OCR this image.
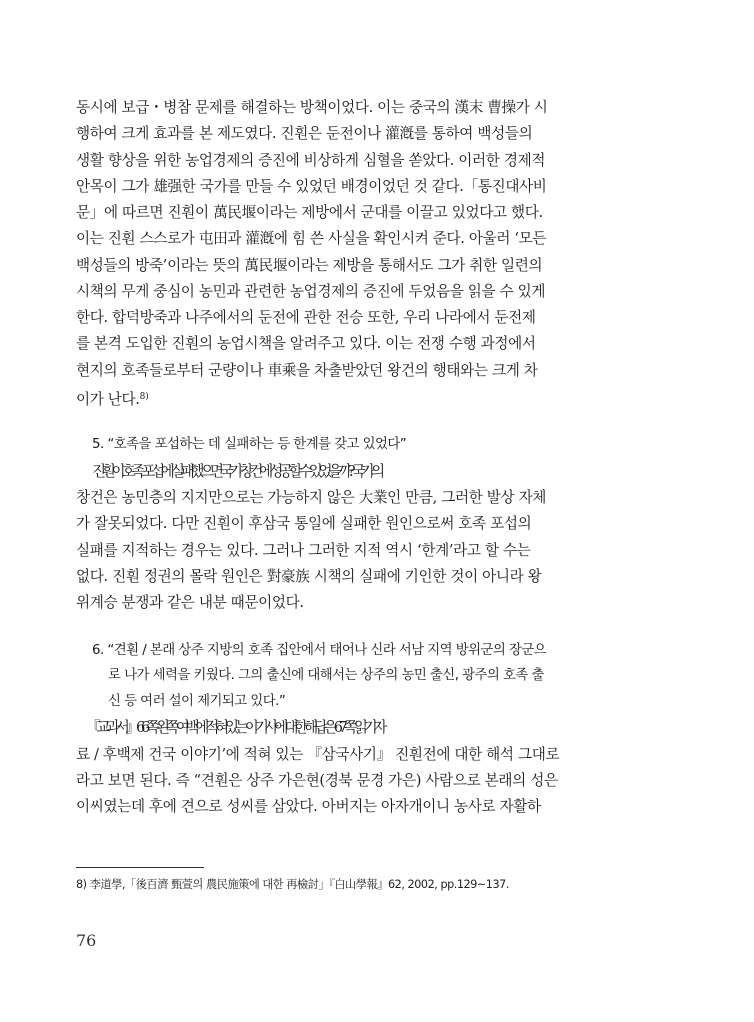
동시에 보급・병참 문제를 해결하는 방책이었다. 이는 중국의 漢末 曹操가 시
행하여 크게 효과를 본 제도였다. 진훤은 둔전이나 灌漑를 통하여 백성들의
생활 향상을 위한 농업경제의 증진에 비상하게 심혈을 쏟았다. 이러한 경제적
안목이 그가 雄强한 국가를 만들 수 있었던 배경이었던 것 같다.「통진대사비
문」에 따르면 진훤이 萬民堰이라는 제방에서 군대를 이끌고 있었다고 했다.
이는 진훤 스스로가 屯田과 灌漑에 힘 쓴 사실을 확인시켜 준다. 아울러 ‘모든
백성들의 방죽’이라는 뜻의 萬民堰이라는 제방을 통해서도 그가 취한 일련의
시책의 무게 중심이 농민과 관련한 농업경제의 증진에 두었음을 읽을 수 있게
한다. 합덕방죽과 나주에서의 둔전에 관한 전승 또한, 우리 나라에서 둔전제
를 본격 도입한 진훤의 농업시책을 알려주고 있다. 이는 전쟁 수행 과정에서
현지의 호족들로부터 군량이나 車乘을 차출받았던 왕건의 행태와는 크게 차
이가 난다.$^{8)}$
5. “호족을 포섭하는 데 실패하는 등 한계를 갖고 있었다”
진훤이 호족 포섭에 실패했으면 국가 창건에 성공할 수 있었을까? 국가의
창건은 농민층의 지지만으로는 가능하지 않은 大業인 만큼, 그러한 발상 자체
가 잘못되었다. 다만 진훤이 후삼국 통일에 실패한 원인으로써 호족 포섭의
실패를 지적하는 경우는 있다. 그러나 그러한 지적 역시 ‘한계’라고 할 수는
없다. 진훤 정권의 몰락 원인은 對豪族 시책의 실패에 기인한 것이 아니라 왕
위계승 분쟁과 같은 내분 때문이었다.
6. “견훤 / 본래 상주 지방의 호족 집안에서 태어나 신라 서남 지역 방위군의 장군으
로 나가 세력을 키웠다. 그의 출신에 대해서는 상주의 농민 출신, 광주의 호족 출
신 등 여러 설이 제기되고 있다.”
『교과서』 66쪽 왼쪽 여백에 적혀 있는 이 기사에 대한 해답은 67쪽 ‘읽기자
료 / 후백제 건국 이야기’에 적혀 있는 『삼국사기』 진훤전에 대한 해석 그대로
라고 보면 된다. 즉 “견훤은 상주 가은현(경북 문경 가은) 사람으로 본래의 성은
이씨였는데 후에 견으로 성씨를 삼았다. 아버지는 아자개이니 농사로 자활하
8) 李道學,「後百濟 甄萱의 農民施策에 대한 再檢討」『白山學報』62, 2002, pp.129~137.
76
